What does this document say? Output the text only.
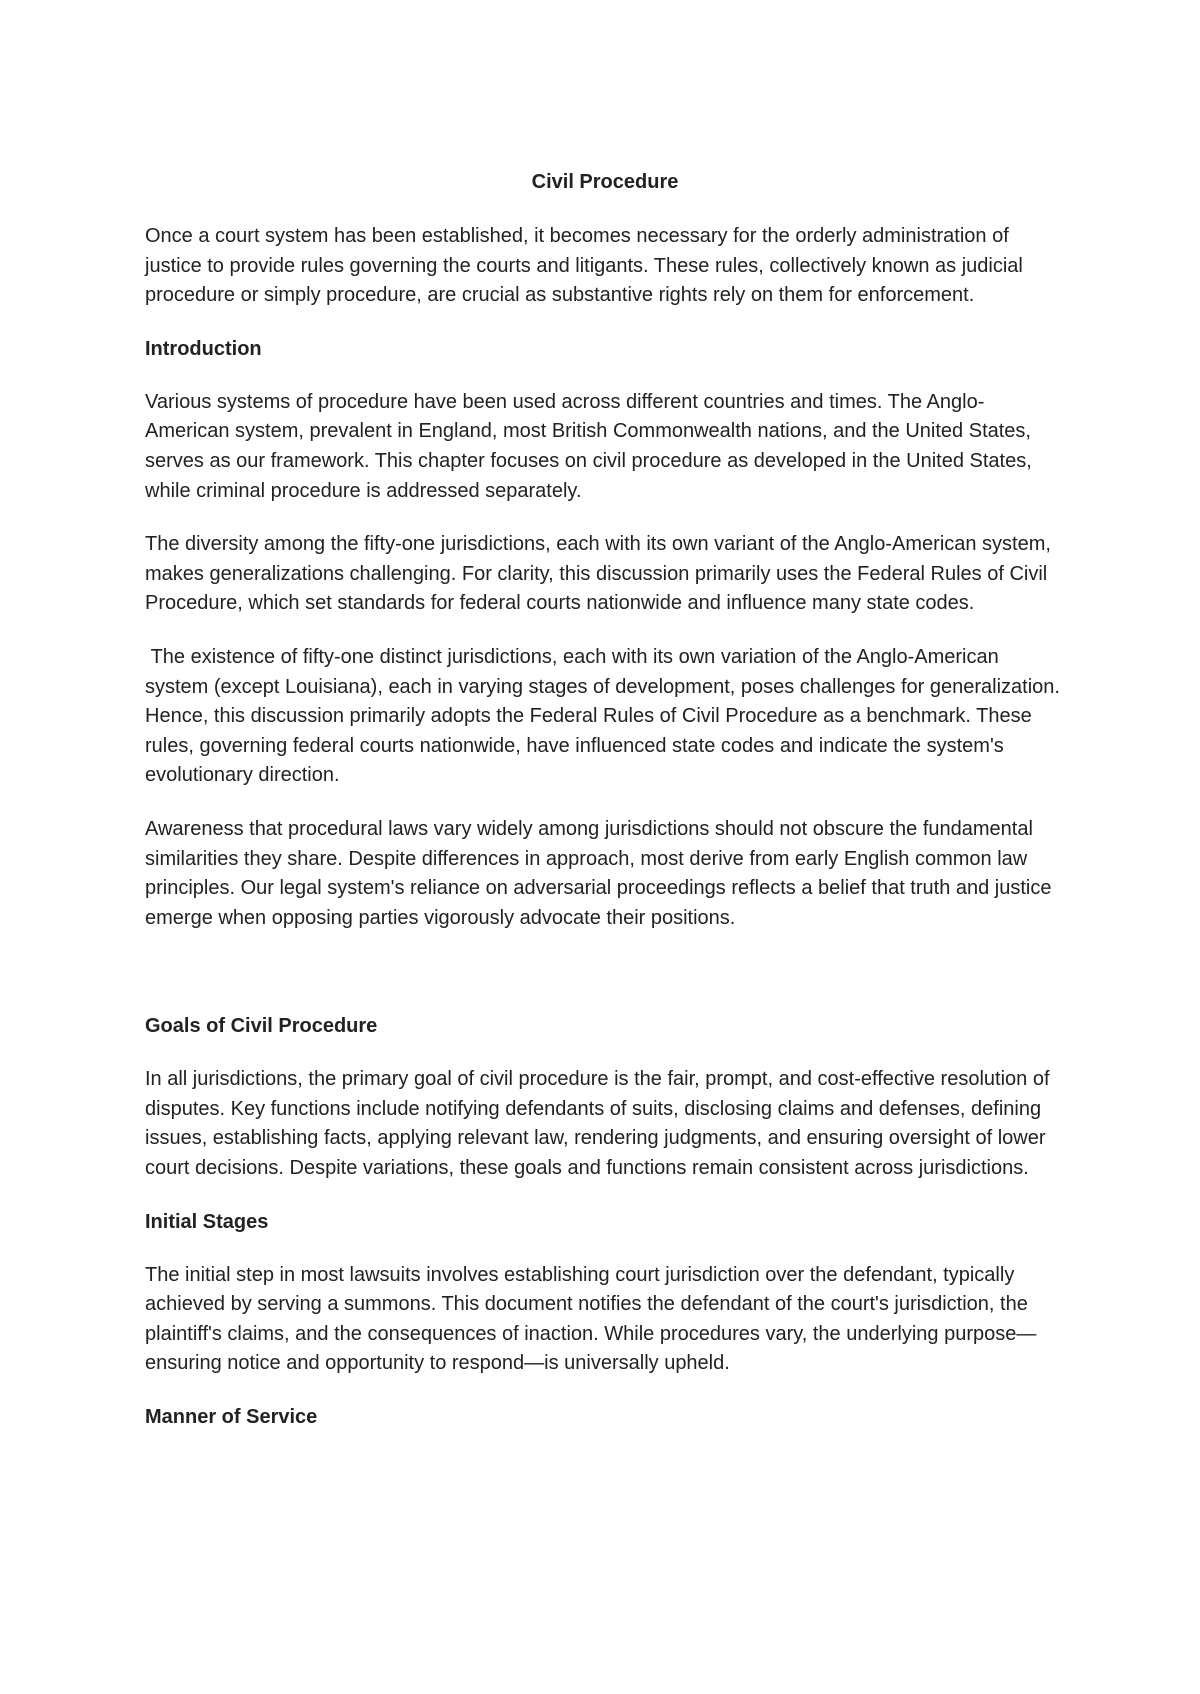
Civil Procedure

Once a court system has been established, it becomes necessary for the orderly administration of justice to provide rules governing the courts and litigants. These rules, collectively known as judicial procedure or simply procedure, are crucial as substantive rights rely on them for enforcement.

Introduction

Various systems of procedure have been used across different countries and times. The Anglo-American system, prevalent in England, most British Commonwealth nations, and the United States, serves as our framework. This chapter focuses on civil procedure as developed in the United States, while criminal procedure is addressed separately.

The diversity among the fifty-one jurisdictions, each with its own variant of the Anglo-American system, makes generalizations challenging. For clarity, this discussion primarily uses the Federal Rules of Civil Procedure, which set standards for federal courts nationwide and influence many state codes.

The existence of fifty-one distinct jurisdictions, each with its own variation of the Anglo-American system (except Louisiana), each in varying stages of development, poses challenges for generalization. Hence, this discussion primarily adopts the Federal Rules of Civil Procedure as a benchmark. These rules, governing federal courts nationwide, have influenced state codes and indicate the system's evolutionary direction.

Awareness that procedural laws vary widely among jurisdictions should not obscure the fundamental similarities they share. Despite differences in approach, most derive from early English common law principles. Our legal system's reliance on adversarial proceedings reflects a belief that truth and justice emerge when opposing parties vigorously advocate their positions.

Goals of Civil Procedure

In all jurisdictions, the primary goal of civil procedure is the fair, prompt, and cost-effective resolution of disputes. Key functions include notifying defendants of suits, disclosing claims and defenses, defining issues, establishing facts, applying relevant law, rendering judgments, and ensuring oversight of lower court decisions. Despite variations, these goals and functions remain consistent across jurisdictions.

Initial Stages

The initial step in most lawsuits involves establishing court jurisdiction over the defendant, typically achieved by serving a summons. This document notifies the defendant of the court's jurisdiction, the plaintiff's claims, and the consequences of inaction. While procedures vary, the underlying purpose—ensuring notice and opportunity to respond—is universally upheld.

Manner of Service
